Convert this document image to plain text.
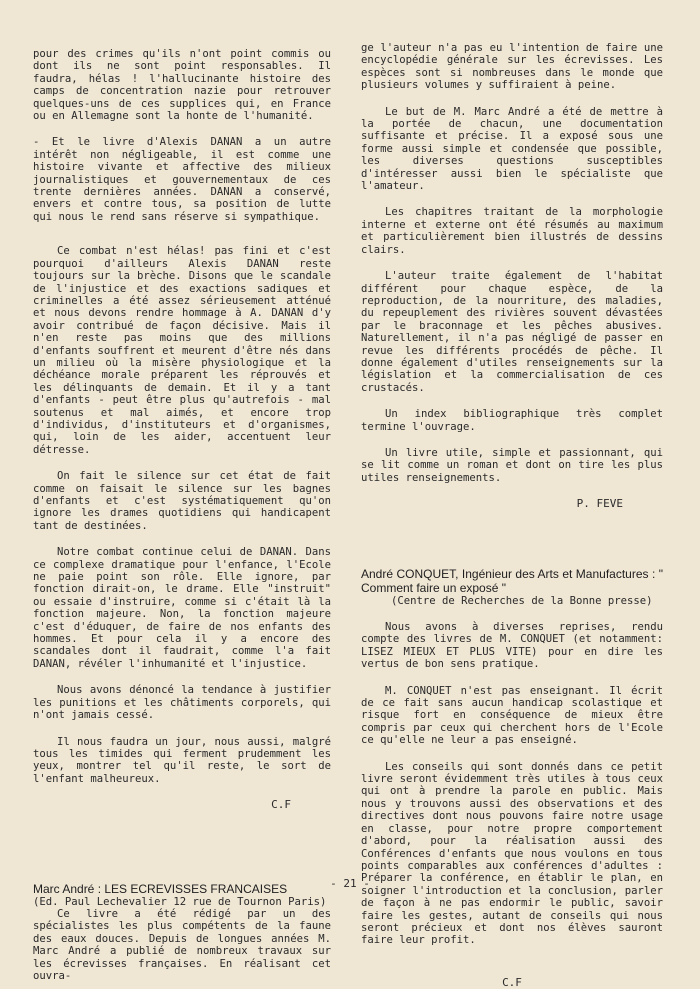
pour des crimes qu'ils n'ont point commis ou dont ils ne sont point responsables. Il faudra, hélas ! l'hallucinante histoire des camps de concentration nazie pour retrouver quelques-uns de ces supplices qui, en France ou en Allemagne sont la honte de l'humanité.

- Et le livre d'Alexis DANAN a un autre intérêt non négligeable, il est comme une histoire vivante et affective des milieux journalistiques et gouvernementaux de ces trente dernières années. DANAN a conservé, envers et contre tous, sa position de lutte qui nous le rend sans réserve si sympathique.

Ce combat n'est hélas! pas fini et c'est pourquoi d'ailleurs Alexis DANAN reste toujours sur la brèche. Disons que le scandale de l'injustice et des exactions sadiques et criminelles a été assez sérieusement atténué et nous devons rendre hommage à A. DANAN d'y avoir contribué de façon décisive. Mais il n'en reste pas moins que des millions d'enfants souffrent et meurent d'être nés dans un milieu où la misère physiologique et la déchéance morale préparent les réprouvés et les délinquants de demain. Et il y a tant d'enfants - peut être plus qu'autrefois - mal soutenus et mal aimés, et encore trop d'individus, d'instituteurs et d'organismes, qui, loin de les aider, accentuent leur détresse.

On fait le silence sur cet état de fait comme on faisait le silence sur les bagnes d'enfants et c'est systématiquement qu'on ignore les drames quotidiens qui handicapent tant de destinées.

Notre combat continue celui de DANAN. Dans ce complexe dramatique pour l'enfance, l'Ecole ne paie point son rôle. Elle ignore, par fonction dirait-on, le drame. Elle "instruit" ou essaie d'instruire, comme si c'était là la fonction majeure. Non, la fonction majeure c'est d'éduquer, de faire de nos enfants des hommes. Et pour cela il y a encore des scandales dont il faudrait, comme l'a fait DANAN, révéler l'inhumanité et l'injustice.

Nous avons dénoncé la tendance à justifier les punitions et les châtiments corporels, qui n'ont jamais cessé.

Il nous faudra un jour, nous aussi, malgré tous les timides qui ferment prudemment les yeux, montrer tel qu'il reste, le sort de l'enfant malheureux.

C.F

Marc André : LES ECREVISSES FRANCAISES

(Ed. Paul Lechevalier 12 rue de Tournon Paris)

Ce livre a été rédigé par un des spécialistes les plus compétents de la faune des eaux douces. Depuis de longues années M. Marc André a publié de nombreux travaux sur les écrevisses françaises. En réalisant cet ouvra-

ge l'auteur n'a pas eu l'intention de faire une encyclopédie générale sur les écrevisses. Les espèces sont si nombreuses dans le monde que plusieurs volumes y suffiraient à peine.

Le but de M. Marc André a été de mettre à la portée de chacun, une documentation suffisante et précise. Il a exposé sous une forme aussi simple et condensée que possible, les diverses questions susceptibles d'intéresser aussi bien le spécialiste que l'amateur.

Les chapitres traitant de la morphologie interne et externe ont été résumés au maximum et particulièrement bien illustrés de dessins clairs.

L'auteur traite également de l'habitat différent pour chaque espèce, de la reproduction, de la nourriture, des maladies, du repeuplement des rivières souvent dévastées par le braconnage et les pêches abusives. Naturellement, il n'a pas négligé de passer en revue les différents procédés de pêche. Il donne également d'utiles renseignements sur la législation et la commercialisation de ces crustacés.

Un index bibliographique très complet termine l'ouvrage.

Un livre utile, simple et passionnant, qui se lit comme un roman et dont on tire les plus utiles renseignements.

P. FEVE

André CONQUET, Ingénieur des Arts et Manufactures : " Comment faire un exposé "

(Centre de Recherches de la Bonne presse)

Nous avons à diverses reprises, rendu compte des livres de M. CONQUET (et notamment: LISEZ MIEUX ET PLUS VITE) pour en dire les vertus de bon sens pratique.

M. CONQUET n'est pas enseignant. Il écrit de ce fait sans aucun handicap scolastique et risque fort en conséquence de mieux être compris par ceux qui cherchent hors de l'Ecole ce qu'elle ne leur a pas enseigné.

Les conseils qui sont donnés dans ce petit livre seront évidemment très utiles à tous ceux qui ont à prendre la parole en public. Mais nous y trouvons aussi des observations et des directives dont nous pouvons faire notre usage en classe, pour notre propre comportement d'abord, pour la réalisation aussi des Conférences d'enfants que nous voulons en tous points comparables aux conférences d'adultes : Préparer la conférence, en établir le plan, en soigner l'introduction et la conclusion, parler de façon à ne pas endormir le public, savoir faire les gestes, autant de conseils qui nous seront précieux et dont nos élèves sauront faire leur profit.

C.F

- 21 -
